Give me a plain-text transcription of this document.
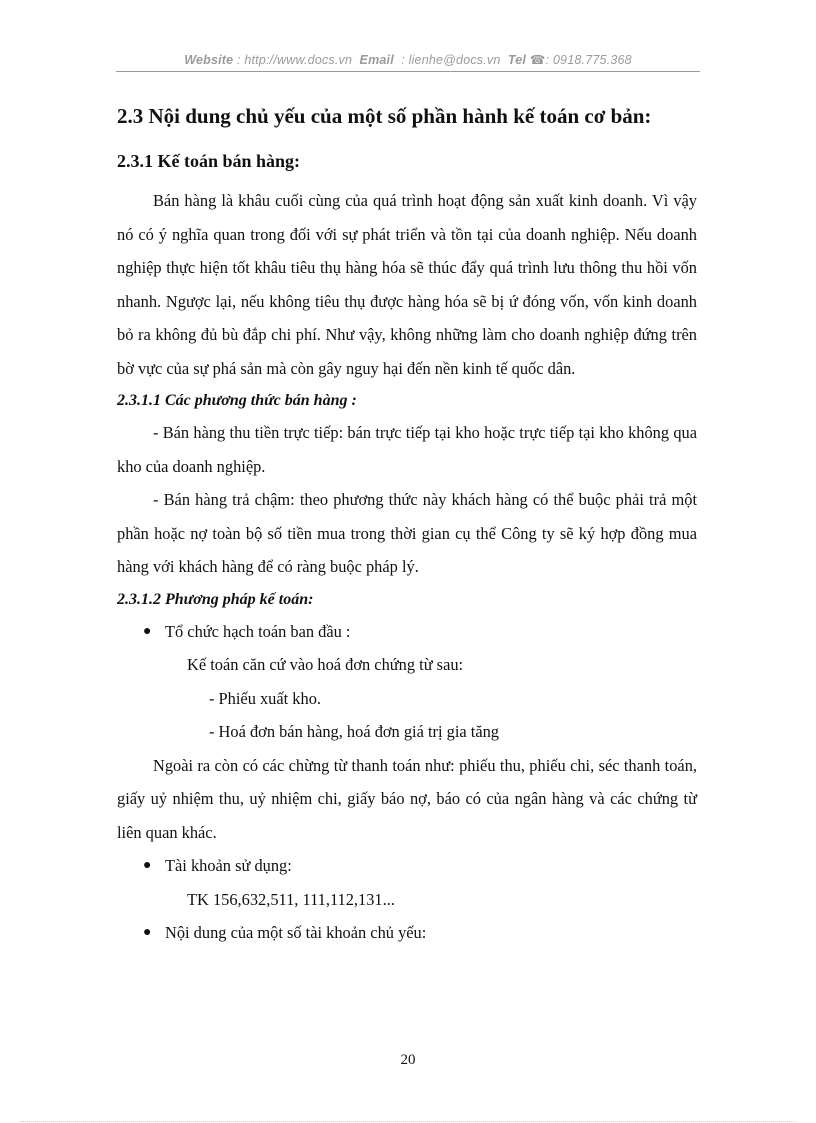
Website : http://www.docs.vn Email : lienhe@docs.vn Tel ☎: 0918.775.368
2.3 Nội dung chủ yếu của một số phần hành kế toán cơ bản:
2.3.1 Kế toán bán hàng:

Bán hàng là khâu cuối cùng của quá trình hoạt động sản xuất kinh doanh. Vì vậy nó có ý nghĩa quan trong đối với sự phát triển và tồn tại của doanh nghiệp. Nếu doanh nghiệp thực hiện tốt khâu tiêu thụ hàng hóa sẽ thúc đẩy quá trình lưu thông thu hồi vốn nhanh. Ngược lại, nếu không tiêu thụ được hàng hóa sẽ bị ứ đóng vốn, vốn kinh doanh bỏ ra không đủ bù đắp chi phí. Như vậy, không những làm cho doanh nghiệp đứng trên bờ vực của sự phá sản mà còn gây nguy hại đến nền kinh tế quốc dân.

2.3.1.1 Các phương thức bán hàng :

- Bán hàng thu tiền trực tiếp: bán trực tiếp tại kho hoặc trực tiếp tại kho không qua kho của doanh nghiệp.

- Bán hàng trả chậm: theo phương thức này khách hàng có thể buộc phải trả một phần hoặc nợ toàn bộ số tiền mua trong thời gian cụ thể Công ty sẽ ký hợp đồng mua hàng với khách hàng để có ràng buộc pháp lý.

2.3.1.2 Phương pháp kế toán:

● Tổ chức hạch toán ban đầu :

Kế toán căn cứ vào hoá đơn chứng từ sau:

- Phiếu xuất kho.

- Hoá đơn bán hàng, hoá đơn giá trị gia tăng

Ngoài ra còn có các chừng từ thanh toán như: phiếu thu, phiếu chi, séc thanh toán, giấy uỷ nhiệm thu, uỷ nhiệm chi, giấy báo nợ, báo có của ngân hàng và các chứng từ liên quan khác.

● Tài khoản sử dụng:

TK 156,632,511, 111,112,131...

● Nội dung của một số tài khoản chủ yếu:

20
